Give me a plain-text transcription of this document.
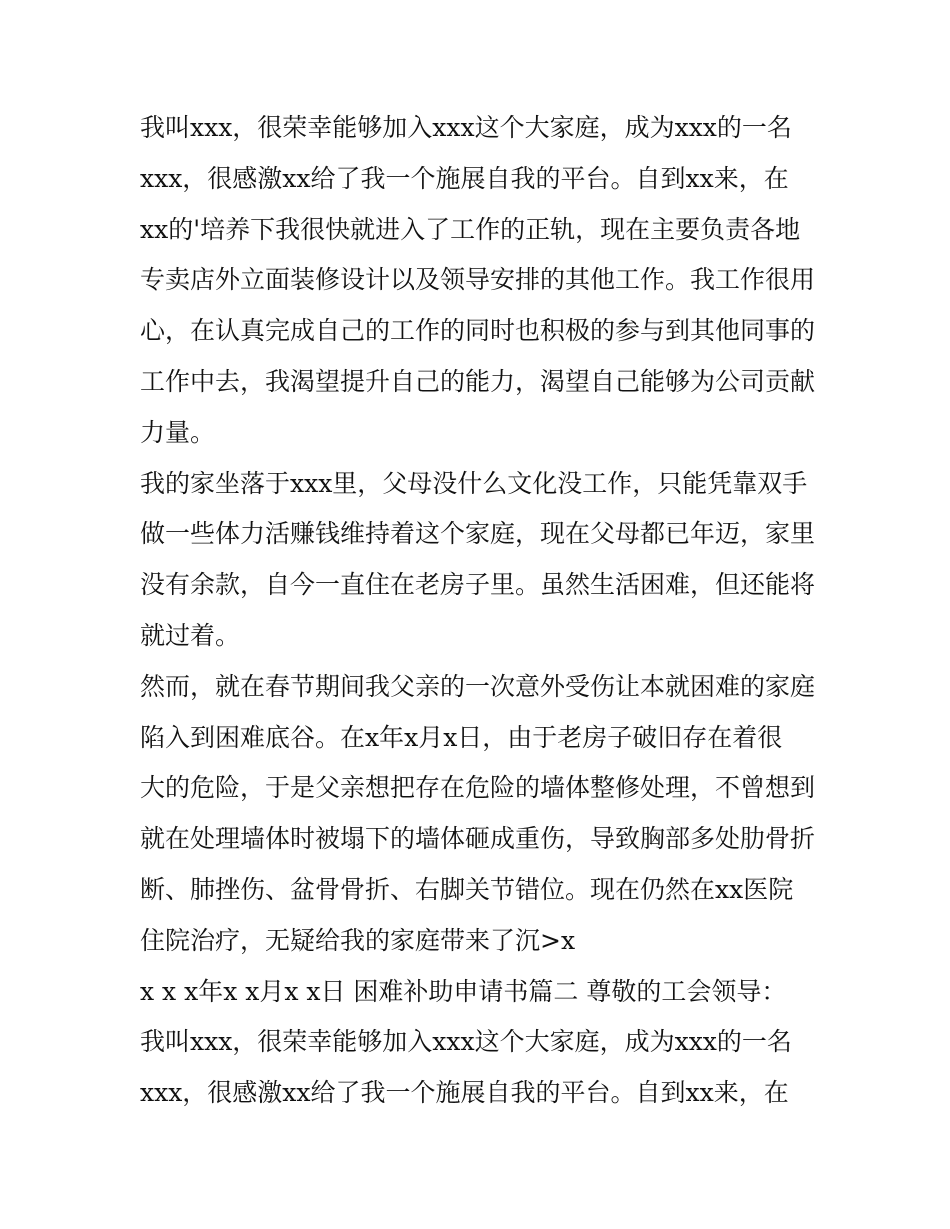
我叫xxx，很荣幸能够加入xxx这个大家庭，成为xxx的一名
xxx，很感激xx给了我一个施展自我的平台。自到xx来，在
xx的'培养下我很快就进入了工作的正轨，现在主要负责各地
专卖店外立面装修设计以及领导安排的其他工作。我工作很用
心，在认真完成自己的工作的同时也积极的参与到其他同事的
工作中去，我渴望提升自己的能力，渴望自己能够为公司贡献
力量。
我的家坐落于xxx里，父母没什么文化没工作，只能凭靠双手
做一些体力活赚钱维持着这个家庭，现在父母都已年迈，家里
没有余款，自今一直住在老房子里。虽然生活困难，但还能将
就过着。
然而，就在春节期间我父亲的一次意外受伤让本就困难的家庭
陷入到困难底谷。在x年x月x日，由于老房子破旧存在着很
大的危险，于是父亲想把存在危险的墙体整修处理，不曾想到
就在处理墙体时被塌下的墙体砸成重伤，导致胸部多处肋骨折
断、肺挫伤、盆骨骨折、右脚关节错位。现在仍然在xx医院
住院治疗，无疑给我的家庭带来了沉>x
x x x年x x月x x日 困难补助申请书篇二 尊敬的工会领导：
我叫xxx，很荣幸能够加入xxx这个大家庭，成为xxx的一名
xxx，很感激xx给了我一个施展自我的平台。自到xx来，在
